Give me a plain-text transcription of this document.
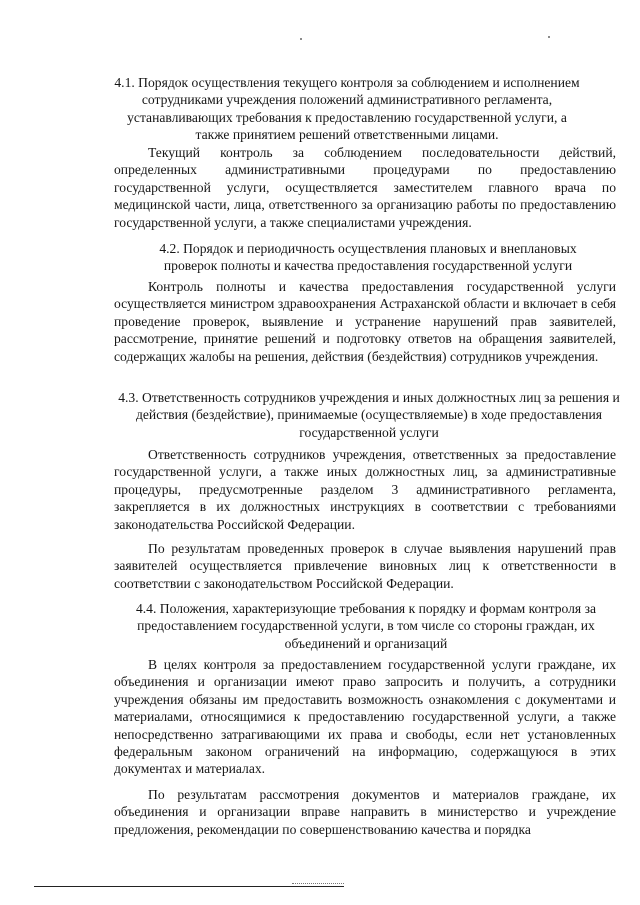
4.1. Порядок осуществления текущего контроля за соблюдением и исполнением сотрудниками учреждения положений административного регламента, устанавливающих требования к предоставлению государственной услуги, а также принятием решений ответственными лицами.
Текущий контроль за соблюдением последовательности действий, определенных административными процедурами по предоставлению государственной услуги, осуществляется заместителем главного врача по медицинской части, лица, ответственного за организацию работы по предоставлению государственной услуги, а также специалистами учреждения.
4.2. Порядок и периодичность осуществления плановых и внеплановых проверок полноты и качества предоставления государственной услуги
Контроль полноты и качества предоставления государственной услуги осуществляется министром здравоохранения Астраханской области и включает в себя проведение проверок, выявление и устранение нарушений прав заявителей, рассмотрение, принятие решений и подготовку ответов на обращения заявителей, содержащих жалобы на решения, действия (бездействия) сотрудников учреждения.
4.3. Ответственность сотрудников учреждения и иных должностных лиц за решения и действия (бездействие), принимаемые (осуществляемые) в ходе предоставления государственной услуги
Ответственность сотрудников учреждения, ответственных за предоставление государственной услуги, а также иных должностных лиц, за административные процедуры, предусмотренные разделом 3 административного регламента, закрепляется в их должностных инструкциях в соответствии с требованиями законодательства Российской Федерации.
По результатам проведенных проверок в случае выявления нарушений прав заявителей осуществляется привлечение виновных лиц к ответственности в соответствии с законодательством Российской Федерации.
4.4. Положения, характеризующие требования к порядку и формам контроля за предоставлением государственной услуги, в том числе со стороны граждан, их объединений и организаций
В целях контроля за предоставлением государственной услуги граждане, их объединения и организации имеют право запросить и получить, а сотрудники учреждения обязаны им предоставить возможность ознакомления с документами и материалами, относящимися к предоставлению государственной услуги, а также непосредственно затрагивающими их права и свободы, если нет установленных федеральным законом ограничений на информацию, содержащуюся в этих документах и материалах.
По результатам рассмотрения документов и материалов граждане, их объединения и организации вправе направить в министерство и учреждение предложения, рекомендации по совершенствованию качества и порядка
